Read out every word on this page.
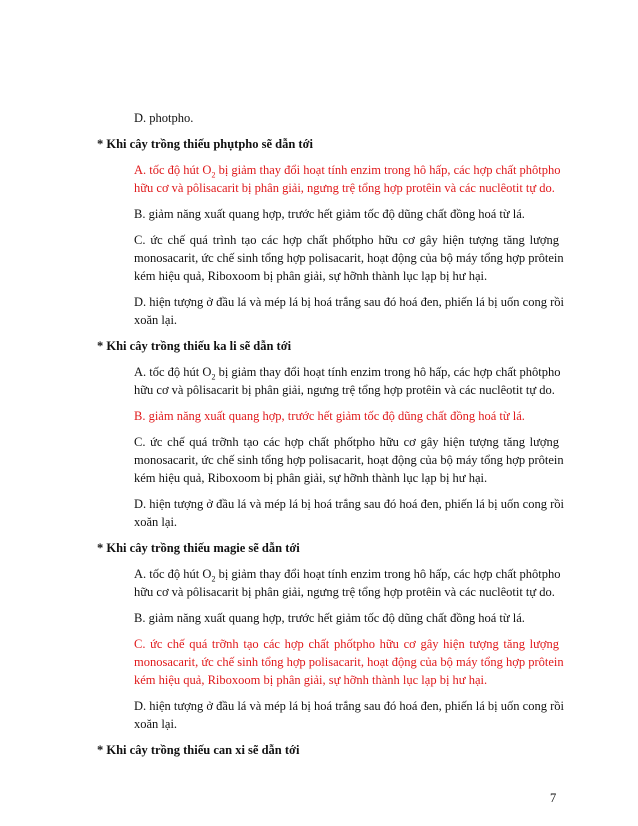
D. photpho.
* Khi cây trồng thiếu phụtpho sẽ dẫn tới
A. tốc độ hút $O_2$ bị giảm thay đổi hoạt tính enzim trong hô hấp, các hợp chất phôtpho
hữu cơ và pôlisacarit bị phân giải, ngưng trệ tổng hợp protêin và các nuclêotit tự do.
B. giảm năng xuất quang hợp, trước hết giảm tốc độ dũng chất đồng hoá từ lá.
C. ức chế quá trình tạo các hợp chất phốtpho hữu cơ gây hiện tượng tăng lượng
monosacarit, ức chế sinh tổng hợp polisacarit, hoạt động của bộ máy tổng hợp prôtein
kém hiệu quả, Riboxoom bị phân giải, sự hỡnh thành lục lạp bị hư hại.
D. hiện tượng ở đầu lá và mép lá bị hoá trắng sau đó hoá đen, phiến lá bị uốn cong rồi
xoăn lại.
* Khi cây trồng thiếu ka li sẽ dẫn tới
A. tốc độ hút $O_2$ bị giảm thay đổi hoạt tính enzim trong hô hấp, các hợp chất phôtpho
hữu cơ và pôlisacarit bị phân giải, ngưng trệ tổng hợp protêin và các nuclêotit tự do.
B. giảm năng xuất quang hợp, trước hết giảm tốc độ dũng chất đồng hoá từ lá.
C. ức chế quá trỡnh tạo các hợp chất phốtpho hữu cơ gây hiện tượng tăng lượng
monosacarit, ức chế sinh tổng hợp polisacarit, hoạt động của bộ máy tổng hợp prôtein
kém hiệu quả, Riboxoom bị phân giải, sự hỡnh thành lục lạp bị hư hại.
D. hiện tượng ở đầu lá và mép lá bị hoá trắng sau đó hoá đen, phiến lá bị uốn cong rồi
xoăn lại.
* Khi cây trồng thiếu magie sẽ dẫn tới
A. tốc độ hút $O_2$ bị giảm thay đổi hoạt tính enzim trong hô hấp, các hợp chất phôtpho
hữu cơ và pôlisacarit bị phân giải, ngưng trệ tổng hợp protêin và các nuclêotit tự do.
B. giảm năng xuất quang hợp, trước hết giảm tốc độ dũng chất đồng hoá từ lá.
C. ức chế quá trỡnh tạo các hợp chất phốtpho hữu cơ gây hiện tượng tăng lượng
monosacarit, ức chế sinh tổng hợp polisacarit, hoạt động của bộ máy tổng hợp prôtein
kém hiệu quả, Riboxoom bị phân giải, sự hỡnh thành lục lạp bị hư hại.
D. hiện tượng ở đầu lá và mép lá bị hoá trắng sau đó hoá đen, phiến lá bị uốn cong rồi
xoăn lại.
* Khi cây trồng thiếu can xi sẽ dẫn tới
7
